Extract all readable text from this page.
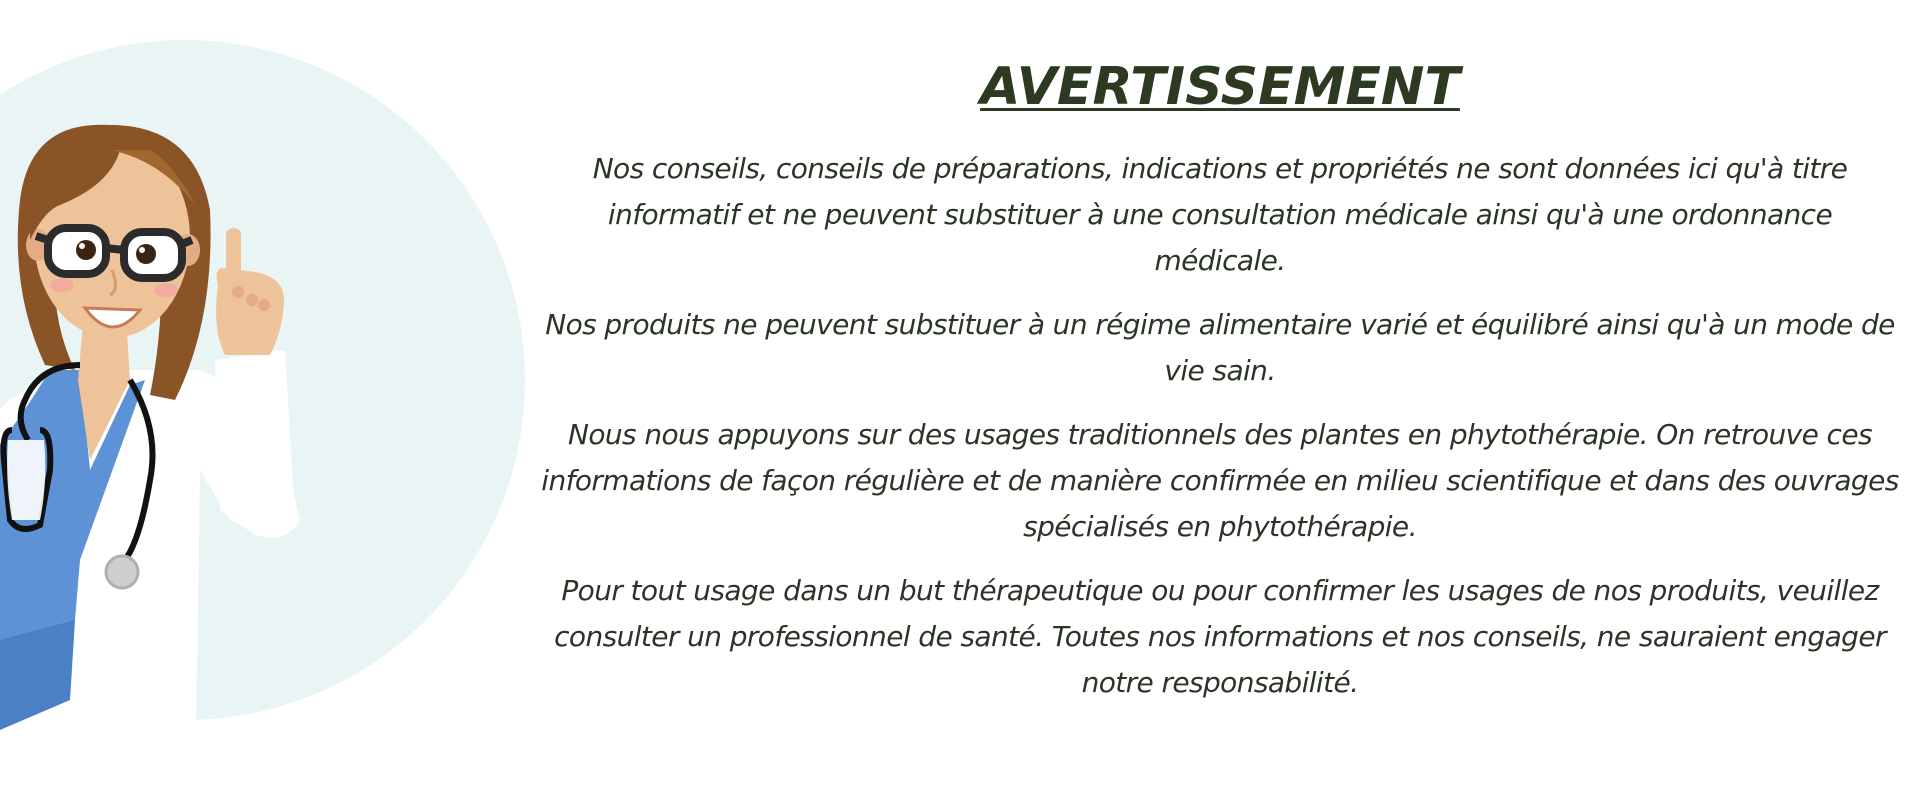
AVERTISSEMENT

Nos conseils, conseils de préparations, indications et propriétés ne sont données ici qu'à titre informatif et ne peuvent substituer à une consultation médicale ainsi qu'à une ordonnance médicale.

Nos produits ne peuvent substituer à un régime alimentaire varié et équilibré ainsi qu'à un mode de vie sain.

Nous nous appuyons sur des usages traditionnels des plantes en phytothérapie. On retrouve ces informations de façon régulière et de manière confirmée en milieu scientifique et dans des ouvrages spécialisés en phytothérapie.

Pour tout usage dans un but thérapeutique ou pour confirmer les usages de nos produits, veuillez consulter un professionnel de santé. Toutes nos informations et nos conseils, ne sauraient engager notre responsabilité.
